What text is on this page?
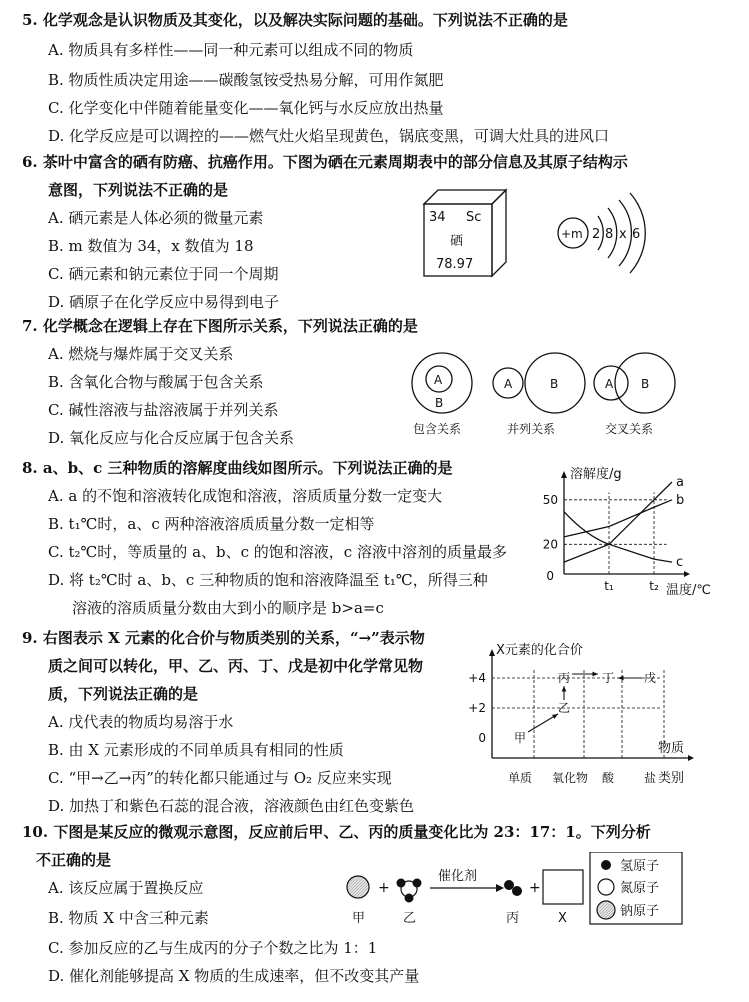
5. 化学观念是认识物质及其变化，以及解决实际问题的基础。下列说法不正确的是
A. 物质具有多样性——同一种元素可以组成不同的物质
B. 物质性质决定用途——碳酸氢铵受热易分解，可用作氮肥
C. 化学变化中伴随着能量变化——氧化钙与水反应放出热量
D. 化学反应是可以调控的——燃气灶火焰呈现黄色，锅底变黑，可调大灶具的进风口
6. 茶叶中富含的硒有防癌、抗癌作用。下图为硒在元素周期表中的部分信息及其原子结构示
意图，下列说法不正确的是
A. 硒元素是人体必须的微量元素
B. m 数值为 34，x 数值为 18
C. 硒元素和钠元素位于同一个周期
D. 硒原子在化学反应中易得到电子
34 Sc
硒
78.97
+m 2 8 x 6
7. 化学概念在逻辑上存在下图所示关系，下列说法正确的是
A. 燃烧与爆炸属于交叉关系
B. 含氧化合物与酸属于包含关系
C. 碱性溶液与盐溶液属于并列关系
D. 氧化反应与化合反应属于包含关系
A
B
包含关系
A	B
并列关系
A B
交叉关系
8. a、b、c 三种物质的溶解度曲线如图所示。下列说法正确的是
A. a 的不饱和溶液转化成饱和溶液，溶质质量分数一定变大
B. t₁℃时，a、c 两种溶液溶质质量分数一定相等
C. t₂℃时，等质量的 a、b、c 的饱和溶液，c 溶液中溶剂的质量最多
D. 将 t₂℃时 a、b、c 三种物质的饱和溶液降温至 t₁℃，所得三种
溶液的溶质质量分数由大到小的顺序是 b>a=c
溶解度/g
温度/℃
0
20
50
t₁	t₂
a
b
c
9. 右图表示 X 元素的化合价与物质类别的关系，“→”表示物
质之间可以转化，甲、乙、丙、丁、戊是初中化学常见物
质，下列说法正确的是
A. 戊代表的物质均易溶于水
B. 由 X 元素形成的不同单质具有相同的性质
C. “甲→乙→丙”的转化都只能通过与 O₂ 反应来实现
D. 加热丁和紫色石蕊的混合液，溶液颜色由红色变紫色
X元素的化合价
物质
类别
+4
+2
0
单质 氧化物 酸 盐
甲
乙
丙	丁 戊
10. 下图是某反应的微观示意图，反应前后甲、乙、丙的质量变化比为 23：17：1。下列分析
不正确的是
A. 该反应属于置换反应
B. 物质 X 中含三种元素
C. 参加反应的乙与生成丙的分子个数之比为 1：1
D. 催化剂能够提高 X 物质的生成速率，但不改变其产量
甲
+
乙
催化剂
丙
+
X
氢原子
氮原子
钠原子
